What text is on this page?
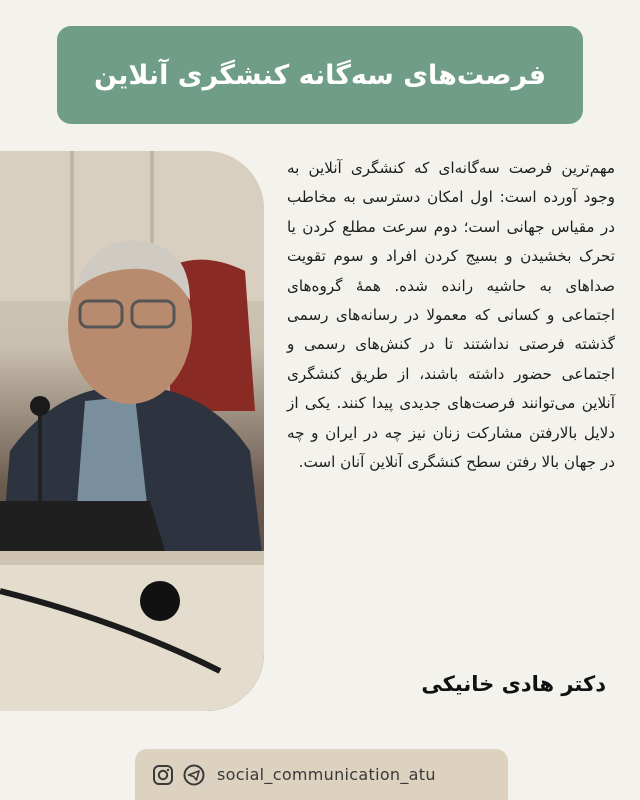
فرصت‌های سه‌گانه کنشگری آنلاین

مهم‌ترین فرصت سه‌گانه‌ای که کنشگری آنلاین به وجود آورده است: اول امکان دسترسی به مخاطب در مقیاس جهانی است؛ دوم سرعت مطلع کردن یا تحرک بخشیدن و بسیج کردن افراد و سوم تقویت صداهای به حاشیه رانده شده. همهٔ گروه‌های اجتماعی و کسانی که معمولا در رسانه‌های رسمی گذشته فرصتی نداشتند تا در کنش‌های رسمی و اجتماعی حضور داشته باشند، از طریق کنشگری آنلاین می‌توانند فرصت‌های جدیدی پیدا کنند. یکی از دلایل بالارفتن مشارکت زنان نیز چه در ایران و چه در جهان بالا رفتن سطح کنشگری آنلاین آنان است.

دکتر هادی خانیکی

social_communication_atu
